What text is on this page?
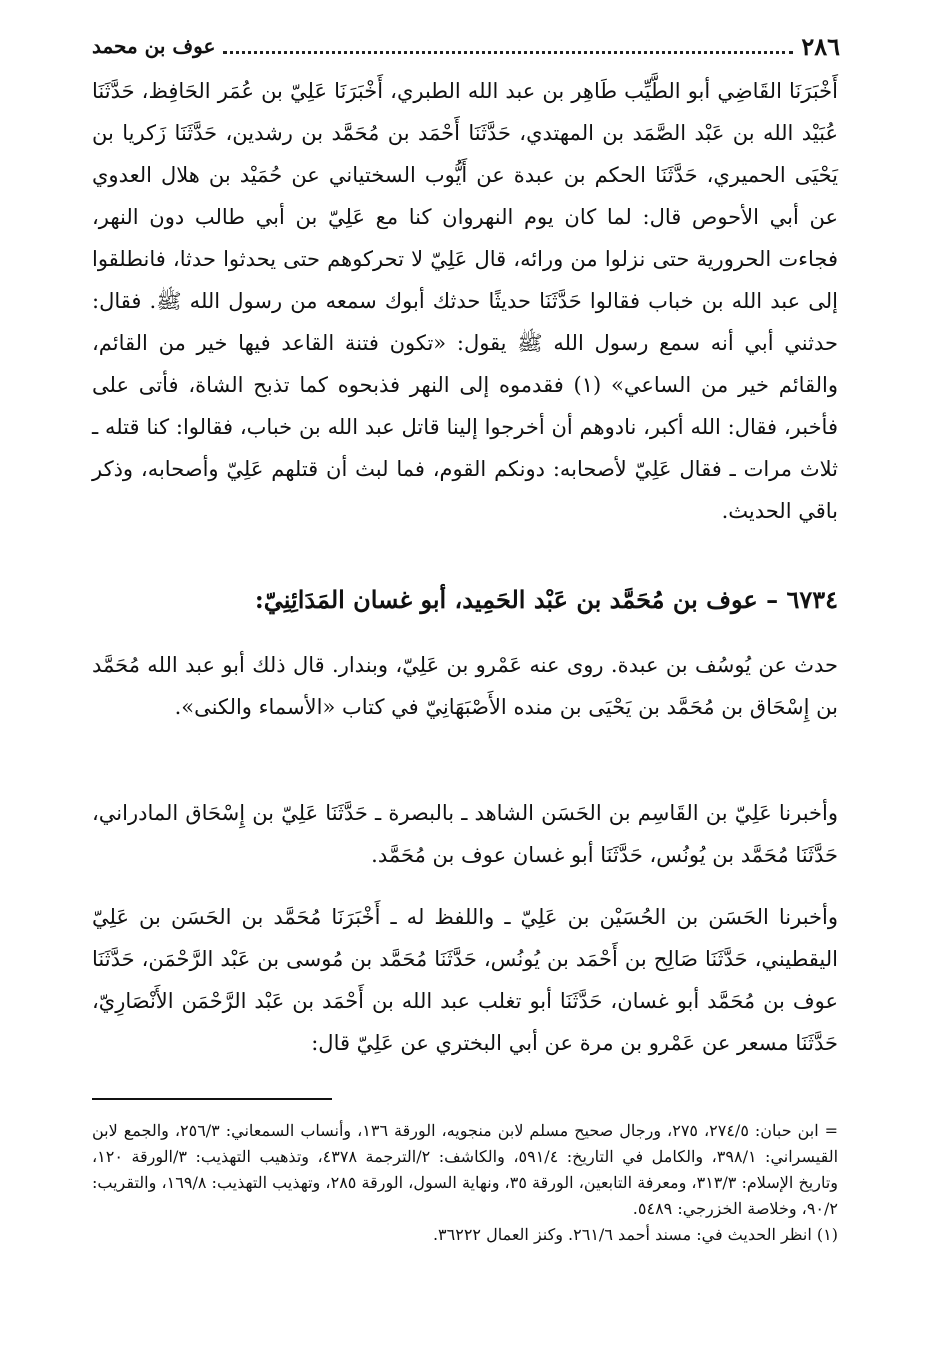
٢٨٦
عوف بن محمد

أَخْبَرَنَا القَاضِي أبو الطَّيِّب طَاهِر بن عبد الله الطبري، أَخْبَرَنَا عَلِيّ بن عُمَر الحَافِظ، حَدَّثَنَا عُبَيْد الله بن عَبْد الصَّمَد بن المهتدي، حَدَّثَنَا أَحْمَد بن مُحَمَّد بن رشدين، حَدَّثَنَا زَكريا بن يَحْيَى الحميري، حَدَّثَنَا الحكم بن عبدة عن أَيُّوب السختياني عن حُمَيْد بن هلال العدوي عن أبي الأحوص قال: لما كان يوم النهروان كنا مع عَلِيّ بن أبي طالب دون النهر، فجاءت الحرورية حتى نزلوا من ورائه، قال عَلِيّ لا تحركوهم حتى يحدثوا حدثا، فانطلقوا إلى عبد الله بن خباب فقالوا حَدَّثَنَا حديثًا حدثك أبوك سمعه من رسول الله ﷺ. فقال: حدثني أبي أنه سمع رسول الله ﷺ يقول: «تكون فتنة القاعد فيها خير من القائم، والقائم خير من الساعي» (١) فقدموه إلى النهر فذبحوه كما تذبح الشاة، فأتى على فأخبر، فقال: الله أكبر، نادوهم أن أخرجوا إلينا قاتل عبد الله بن خباب، فقالوا: كنا قتله ـ ثلاث مرات ـ فقال عَلِيّ لأصحابه: دونكم القوم، فما لبث أن قتلهم عَلِيّ وأصحابه، وذكر باقي الحديث.

٦٧٣٤ – عوف بن مُحَمَّد بن عَبْد الحَمِيد، أبو غسان المَدَائِنِيّ:

حدث عن يُوسُف بن عبدة. روى عنه عَمْرو بن عَلِيّ، وبندار. قال ذلك أبو عبد الله مُحَمَّد بن إِسْحَاق بن مُحَمَّد بن يَحْيَى بن منده الأَصْبَهَانِيّ في كتاب «الأسماء والكنى».

وأخبرنا عَلِيّ بن القَاسِم بن الحَسَن الشاهد ـ بالبصرة ـ حَدَّثَنَا عَلِيّ بن إِسْحَاق المادراني، حَدَّثَنَا مُحَمَّد بن يُونُس، حَدَّثَنَا أبو غسان عوف بن مُحَمَّد.

وأخبرنا الحَسَن بن الحُسَيْن بن عَلِيّ ـ واللفظ له ـ أَخْبَرَنَا مُحَمَّد بن الحَسَن بن عَلِيّ اليقطيني، حَدَّثَنَا صَالِح بن أَحْمَد بن يُونُس، حَدَّثَنَا مُحَمَّد بن مُوسى بن عَبْد الرَّحْمَن، حَدَّثَنَا عوف بن مُحَمَّد أبو غسان، حَدَّثَنَا أبو تغلب عبد الله بن أَحْمَد بن عَبْد الرَّحْمَن الأَنْصَارِيّ، حَدَّثَنَا مسعر عن عَمْرو بن مرة عن أبي البختري عن عَلِيّ قال:

= ابن حبان: ٢٧٤/٥، ٢٧٥، ورجال صحيح مسلم لابن منجويه، الورقة ١٣٦، وأنساب السمعاني: ٢٥٦/٣، والجمع لابن القيسراني: ٣٩٨/١، والكامل في التاريخ: ٥٩١/٤، والكاشف: ٢/الترجمة ٤٣٧٨، وتذهيب التهذيب: ٣/الورقة ١٢٠، وتاريخ الإسلام: ٣١٣/٣، ومعرفة التابعين، الورقة ٣٥، ونهاية السول، الورقة ٢٨٥، وتهذيب التهذيب: ١٦٩/٨، والتقريب: ٩٠/٢، وخلاصة الخزرجي: ٥٤٨٩.

(١) انظر الحديث في: مسند أحمد ٢٦١/٦. وكنز العمال ٣٦٢٢٢.
